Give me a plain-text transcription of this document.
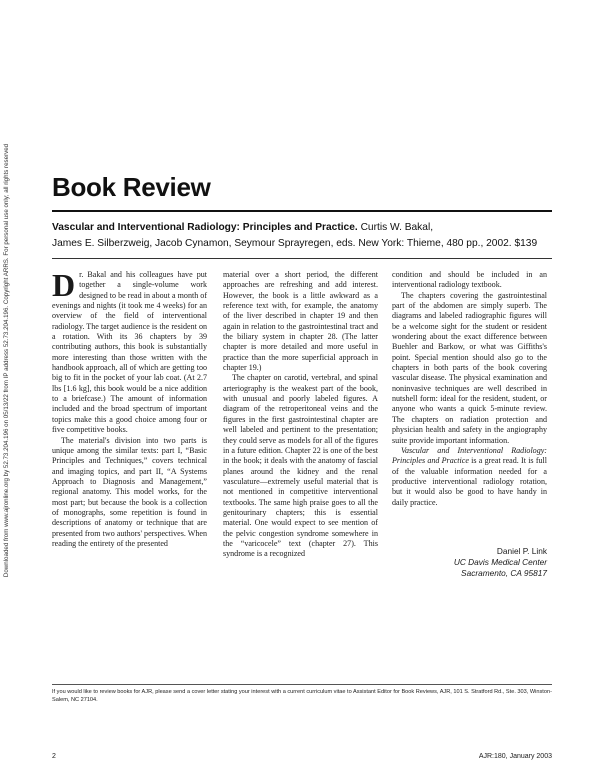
Downloaded from www.ajronline.org by 52.73.204.196 on 05/13/22 from IP address 52.73.204.196. Copyright ARRS. For personal use only; all rights reserved Book Review
Vascular and Interventional Radiology: Principles and Practice. Curtis W. Bakal,
James E. Silberzweig, Jacob Cynamon, Seymour Sprayregen, eds. New York: Thieme, 480 pp., 2002. $139

Dr. Bakal and his colleagues have put together a single-volume work designed to be read in about a month of evenings and nights (it took me 4 weeks) for an overview of the field of interventional radiology. The target audience is the resident on a rotation. With its 36 chapters by 39 contributing authors, this book is substantially more interesting than those written with the handbook approach, all of which are getting too big to fit in the pocket of your lab coat. (At 2.7 lbs [1.6 kg], this book would be a nice addition to a briefcase.) The amount of information included and the broad spectrum of important topics make this a good choice among four or five competitive books.

The material's division into two parts is unique among the similar texts: part I, “Basic Principles and Techniques,” covers technical and imaging topics, and part II, “A Systems Approach to Diagnosis and Management,” regional anatomy. This model works, for the most part; but because the book is a collection of monographs, some repetition is found in descriptions of anatomy or technique that are presented from two authors' perspectives. When reading the entirety of the presented

material over a short period, the different approaches are refreshing and add interest. However, the book is a little awkward as a reference text with, for example, the anatomy of the liver described in chapter 19 and then again in relation to the gastrointestinal tract and the biliary system in chapter 28. (The latter chapter is more detailed and more useful in practice than the more superficial approach in chapter 19.)

The chapter on carotid, vertebral, and spinal arteriography is the weakest part of the book, with unusual and poorly labeled figures. A diagram of the retroperitoneal veins and the figures in the first gastrointestinal chapter are well labeled and pertinent to the presentation; they could serve as models for all of the figures in a future edition. Chapter 22 is one of the best in the book; it deals with the anatomy of fascial planes around the kidney and the renal vasculature—extremely useful material that is not mentioned in competitive interventional textbooks. The same high praise goes to all the genitourinary chapters; this is essential material. One would expect to see mention of the pelvic congestion syndrome somewhere in the “varicocele” text (chapter 27). This syndrome is a recognized

condition and should be included in an interventional radiology textbook.

The chapters covering the gastrointestinal part of the abdomen are simply superb. The diagrams and labeled radiographic figures will be a welcome sight for the student or resident wondering about the exact difference between Buehler and Barkow, or what was Giffiths's point. Special mention should also go to the chapters in both parts of the book covering vascular disease. The physical examination and noninvasive techniques are well described in nutshell form: ideal for the resident, student, or anyone who wants a quick 5-minute review. The chapters on radiation protection and physician health and safety in the angiography suite provide important information.

Vascular and Interventional Radiology: Principles and Practice is a great read. It is full of the valuable information needed for a productive interventional radiology rotation, but it would also be good to have handy in daily practice.

Daniel P. Link
UC Davis Medical Center
Sacramento, CA 95817
If you would like to review books for AJR, please send a cover letter stating your interest with a current curriculum vitae to Assistant Editor for Book Reviews, AJR, 101 S. Stratford Rd., Ste. 303, Winston-Salem, NC 27104.
2	AJR:180, January 2003
